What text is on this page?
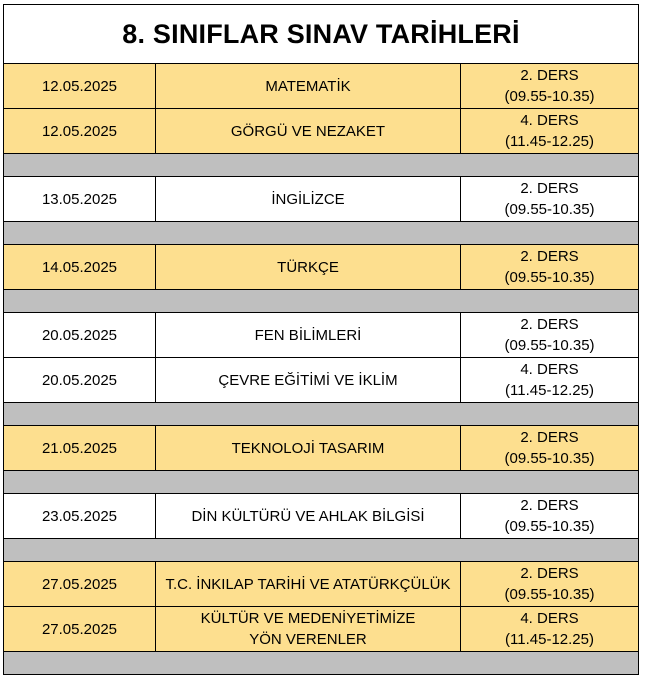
8. SINIFLAR SINAV TARİHLERİ		
12.05.2025	MATEMATİK	2. DERS
(09.55-10.35)

12.05.2025	GÖRGÜ VE NEZAKET	4. DERS
(11.45-12.25)

13.05.2025	İNGİLİZCE	2. DERS
(09.55-10.35)

14.05.2025	TÜRKÇE	2. DERS
(09.55-10.35)

20.05.2025	FEN BİLİMLERİ	2. DERS
(09.55-10.35)

20.05.2025	ÇEVRE EĞİTİMİ VE İKLİM	4. DERS
(11.45-12.25)

21.05.2025	TEKNOLOJİ TASARIM	2. DERS
(09.55-10.35)

23.05.2025	DİN KÜLTÜRÜ VE AHLAK BİLGİSİ	2. DERS
(09.55-10.35)

27.05.2025	T.C. İNKILAP TARİHİ VE ATATÜRKÇÜLÜK	2. DERS
(09.55-10.35)

27.05.2025	KÜLTÜR VE MEDENİYETİMİZE
YÖN VERENLER	4. DERS
(11.45-12.25)
